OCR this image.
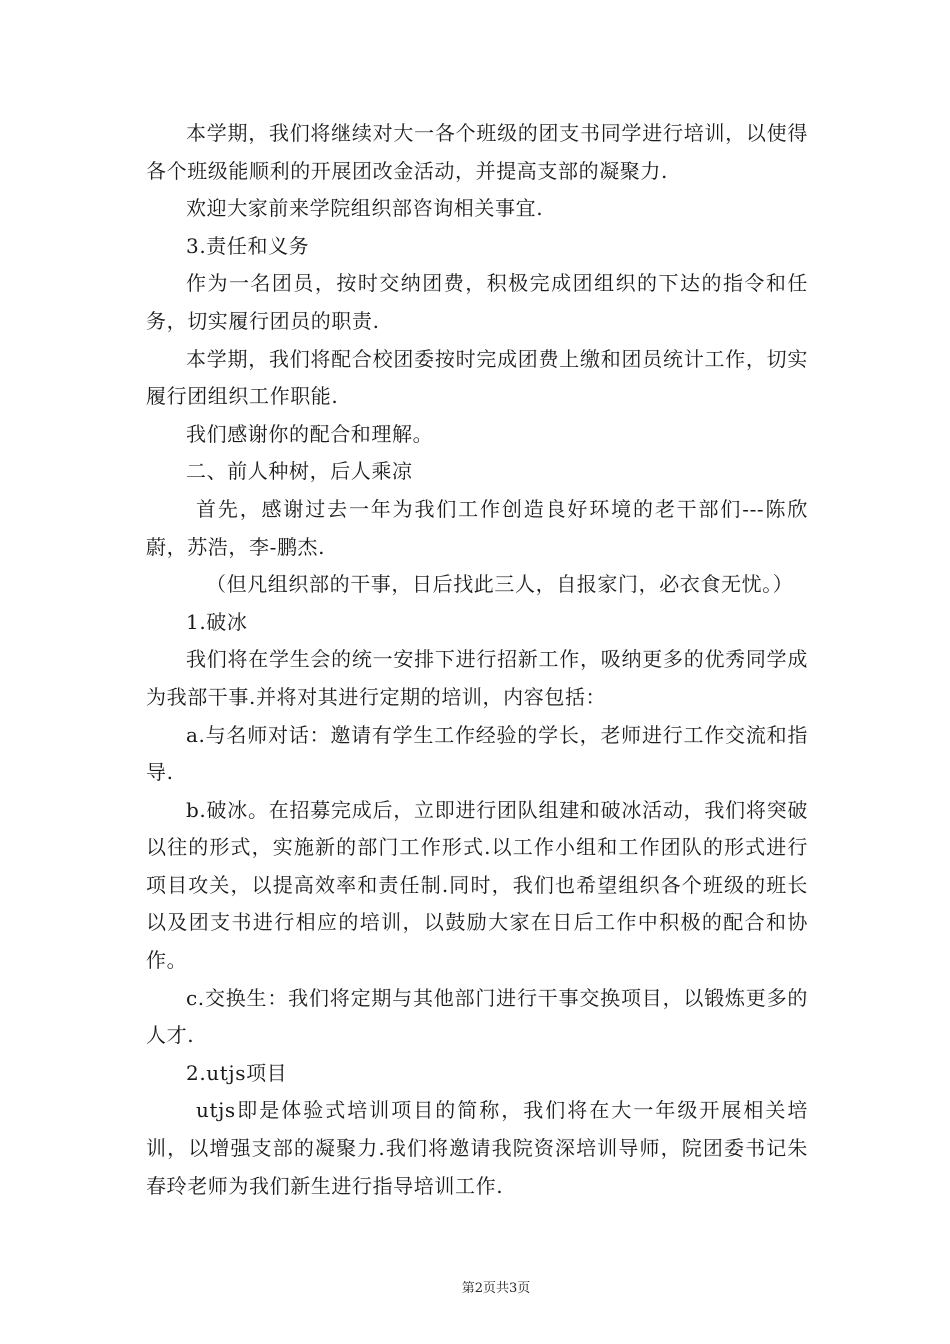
本学期，我们将继续对大一各个班级的团支书同学进行培训，以使得各个班级能顺利的开展团改金活动，并提高支部的凝聚力.

欢迎大家前来学院组织部咨询相关事宜.

3.责任和义务

作为一名团员，按时交纳团费，积极完成团组织的下达的指令和任务，切实履行团员的职责.

本学期，我们将配合校团委按时完成团费上缴和团员统计工作，切实履行团组织工作职能.

我们感谢你的配合和理解。

二、前人种树，后人乘凉

首先，感谢过去一年为我们工作创造良好环境的老干部们---陈欣蔚，苏浩，李-鹏杰.

（但凡组织部的干事，日后找此三人，自报家门，必衣食无忧。）

1.破冰

我们将在学生会的统一安排下进行招新工作，吸纳更多的优秀同学成为我部干事.并将对其进行定期的培训，内容包括：

a.与名师对话：邀请有学生工作经验的学长，老师进行工作交流和指导.

b.破冰。在招募完成后，立即进行团队组建和破冰活动，我们将突破以往的形式，实施新的部门工作形式.以工作小组和工作团队的形式进行项目攻关，以提高效率和责任制.同时，我们也希望组织各个班级的班长以及团支书进行相应的培训，以鼓励大家在日后工作中积极的配合和协作。

c.交换生：我们将定期与其他部门进行干事交换项目，以锻炼更多的人才.

2.utjs项目

utjs即是体验式培训项目的简称，我们将在大一年级开展相关培训，以增强支部的凝聚力.我们将邀请我院资深培训导师，院团委书记朱春玲老师为我们新生进行指导培训工作.

第2页共3页
